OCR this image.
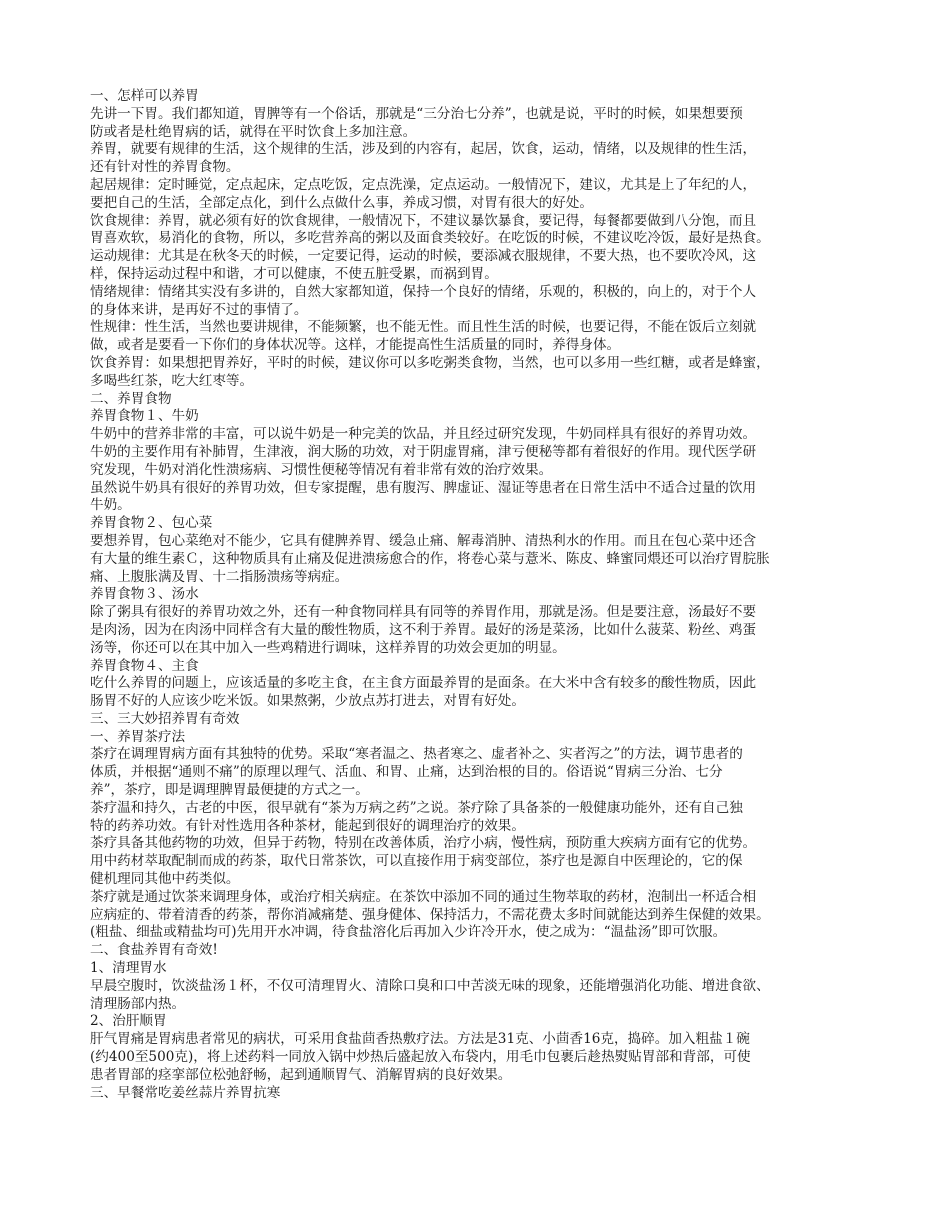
一、怎样可以养胃
先讲一下胃。我们都知道，胃脾等有一个俗话，那就是“三分治七分养”，也就是说，平时的时候，如果想要预
防或者是杜绝胃病的话，就得在平时饮食上多加注意。
养胃，就要有规律的生活，这个规律的生活，涉及到的内容有，起居，饮食，运动，情绪，以及规律的性生活，
还有针对性的养胃食物。
起居规律：定时睡觉，定点起床，定点吃饭，定点洗澡，定点运动。一般情况下，建议，尤其是上了年纪的人，
要把自己的生活，全部定点化，到什么点做什么事，养成习惯，对胃有很大的好处。
饮食规律：养胃，就必须有好的饮食规律，一般情况下，不建议暴饮暴食，要记得，每餐都要做到八分饱，而且
胃喜欢软，易消化的食物，所以，多吃营养高的粥以及面食类较好。在吃饭的时候，不建议吃冷饭，最好是热食。
运动规律：尤其是在秋冬天的时候，一定要记得，运动的时候，要添减衣服规律，不要大热，也不要吹冷风，这
样，保持运动过程中和谐，才可以健康，不使五脏受累，而祸到胃。
情绪规律：情绪其实没有多讲的，自然大家都知道，保持一个良好的情绪，乐观的，积极的，向上的，对于个人
的身体来讲，是再好不过的事情了。
性规律：性生活，当然也要讲规律，不能频繁，也不能无性。而且性生活的时候，也要记得，不能在饭后立刻就
做，或者是要看一下你们的身体状况等。这样，才能提高性生活质量的同时，养得身体。
饮食养胃：如果想把胃养好，平时的时候，建议你可以多吃粥类食物，当然，也可以多用一些红糖，或者是蜂蜜，
多喝些红茶，吃大红枣等。
二、养胃食物
养胃食物１、牛奶
牛奶中的营养非常的丰富，可以说牛奶是一种完美的饮品，并且经过研究发现，牛奶同样具有很好的养胃功效。
牛奶的主要作用有补肺胃，生津液，润大肠的功效，对于阴虚胃痛，津亏便秘等都有着很好的作用。现代医学研
究发现，牛奶对消化性溃疡病、习惯性便秘等情况有着非常有效的治疗效果。
虽然说牛奶具有很好的养胃功效，但专家提醒，患有腹泻、脾虚证、湿证等患者在日常生活中不适合过量的饮用
牛奶。
养胃食物２、包心菜
要想养胃，包心菜绝对不能少，它具有健脾养胃、缓急止痛、解毒消肿、清热利水的作用。而且在包心菜中还含
有大量的维生素Ｃ，这种物质具有止痛及促进溃疡愈合的作，将卷心菜与薏米、陈皮、蜂蜜同煨还可以治疗胃脘胀
痛、上腹胀满及胃、十二指肠溃疡等病症。
养胃食物３、汤水
除了粥具有很好的养胃功效之外，还有一种食物同样具有同等的养胃作用，那就是汤。但是要注意，汤最好不要
是肉汤，因为在肉汤中同样含有大量的酸性物质，这不利于养胃。最好的汤是菜汤，比如什么菠菜、粉丝、鸡蛋
汤等，你还可以在其中加入一些鸡精进行调味，这样养胃的功效会更加的明显。
养胃食物４、主食
吃什么养胃的问题上，应该适量的多吃主食，在主食方面最养胃的是面条。在大米中含有较多的酸性物质，因此
肠胃不好的人应该少吃米饭。如果熬粥，少放点苏打进去，对胃有好处。
三、三大妙招养胃有奇效
一、养胃茶疗法
茶疗在调理胃病方面有其独特的优势。采取“寒者温之、热者寒之、虚者补之、实者泻之”的方法，调节患者的
体质，并根据“通则不痛”的原理以理气、活血、和胃、止痛，达到治根的目的。俗语说“胃病三分治、七分
养”，茶疗，即是调理脾胃最便捷的方式之一。
茶疗温和持久，古老的中医，很早就有“茶为万病之药”之说。茶疗除了具备茶的一般健康功能外，还有自己独
特的药养功效。有针对性选用各种茶材，能起到很好的调理治疗的效果。
茶疗具备其他药物的功效，但异于药物，特别在改善体质，治疗小病，慢性病，预防重大疾病方面有它的优势。
用中药材萃取配制而成的药茶，取代日常茶饮，可以直接作用于病变部位，茶疗也是源自中医理论的，它的保
健机理同其他中药类似。
茶疗就是通过饮茶来调理身体，或治疗相关病症。在茶饮中添加不同的通过生物萃取的药材，泡制出一杯适合相
应病症的、带着清香的药茶，帮你消减痛楚、强身健体、保持活力，不需花费太多时间就能达到养生保健的效果。
(粗盐、细盐或精盐均可)先用开水冲调，待食盐溶化后再加入少许冷开水，使之成为：“温盐汤”即可饮服。
二、食盐养胃有奇效!
1、清理胃水
早晨空腹时，饮淡盐汤１杯，不仅可清理胃火、清除口臭和口中苦淡无味的现象，还能增强消化功能、增进食欲、
清理肠部内热。
2、治肝顺胃
肝气胃痛是胃病患者常见的病状，可采用食盐茴香热敷疗法。方法是31克、小茴香16克，捣碎。加入粗盐１碗
(约400至500克)，将上述药料一同放入锅中炒热后盛起放入布袋内，用毛巾包裹后趁热熨贴胃部和背部，可使
患者胃部的痉挛部位松弛舒畅，起到通顺胃气、消解胃病的良好效果。
三、早餐常吃姜丝蒜片养胃抗寒
